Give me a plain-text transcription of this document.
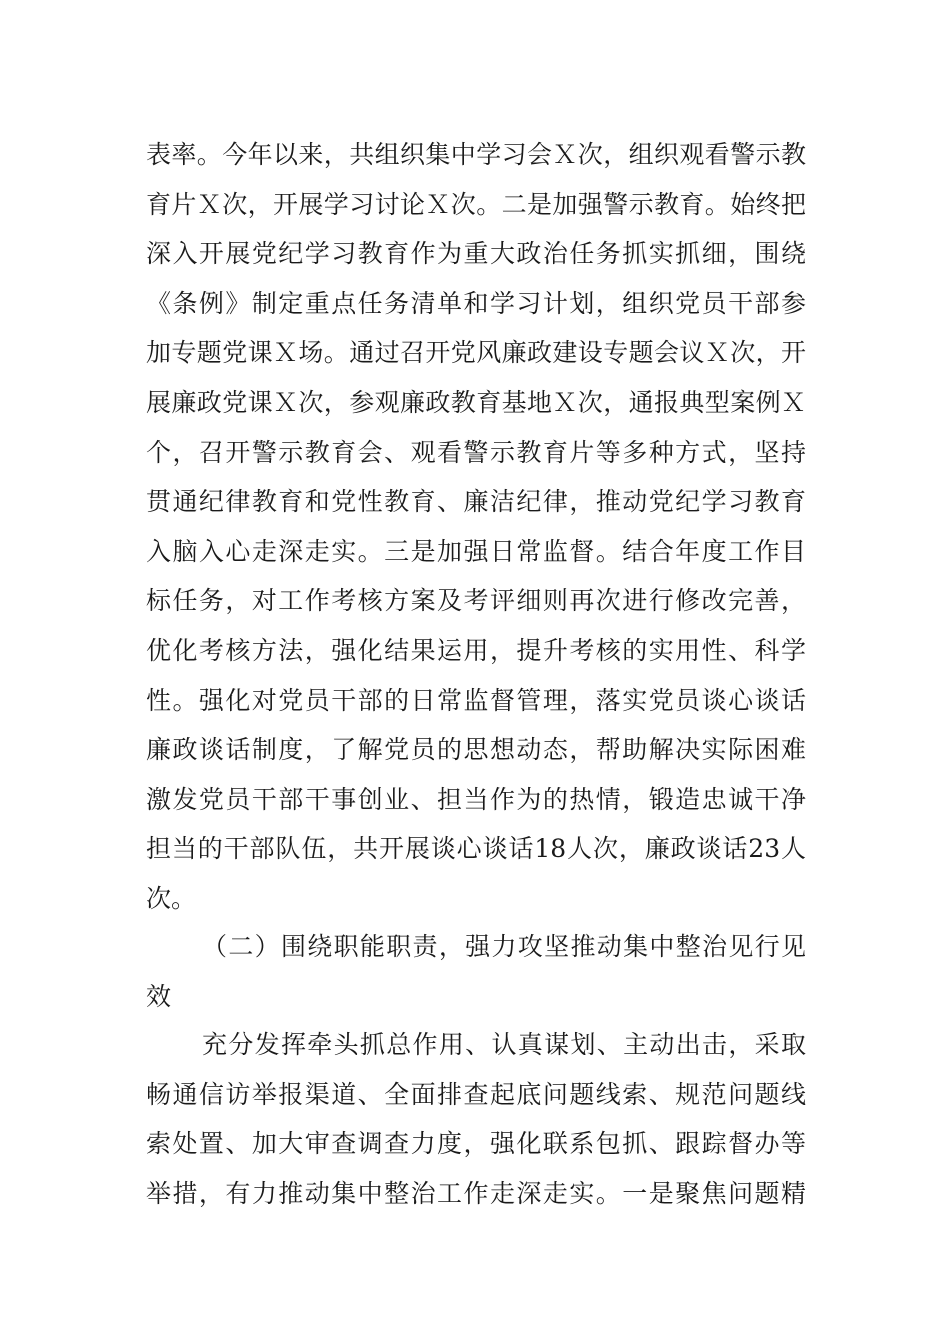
表率。今年以来，共组织集中学习会Ｘ次，组织观看警示教
育片Ｘ次，开展学习讨论Ｘ次。二是加强警示教育。始终把
深入开展党纪学习教育作为重大政治任务抓实抓细，围绕
《条例》制定重点任务清单和学习计划，组织党员干部参
加专题党课Ｘ场。通过召开党风廉政建设专题会议Ｘ次，开
展廉政党课Ｘ次，参观廉政教育基地Ｘ次，通报典型案例Ｘ
个，召开警示教育会、观看警示教育片等多种方式，坚持
贯通纪律教育和党性教育、廉洁纪律，推动党纪学习教育
入脑入心走深走实。三是加强日常监督。结合年度工作目
标任务，对工作考核方案及考评细则再次进行修改完善，
优化考核方法，强化结果运用，提升考核的实用性、科学
性。强化对党员干部的日常监督管理，落实党员谈心谈话
廉政谈话制度，了解党员的思想动态，帮助解决实际困难
激发党员干部干事创业、担当作为的热情，锻造忠诚干净
担当的干部队伍，共开展谈心谈话18人次，廉政谈话23人
次。
（二）围绕职能职责，强力攻坚推动集中整治见行见
效
充分发挥牵头抓总作用、认真谋划、主动出击，采取
畅通信访举报渠道、全面排查起底问题线索、规范问题线
索处置、加大审查调查力度，强化联系包抓、跟踪督办等
举措，有力推动集中整治工作走深走实。一是聚焦问题精
